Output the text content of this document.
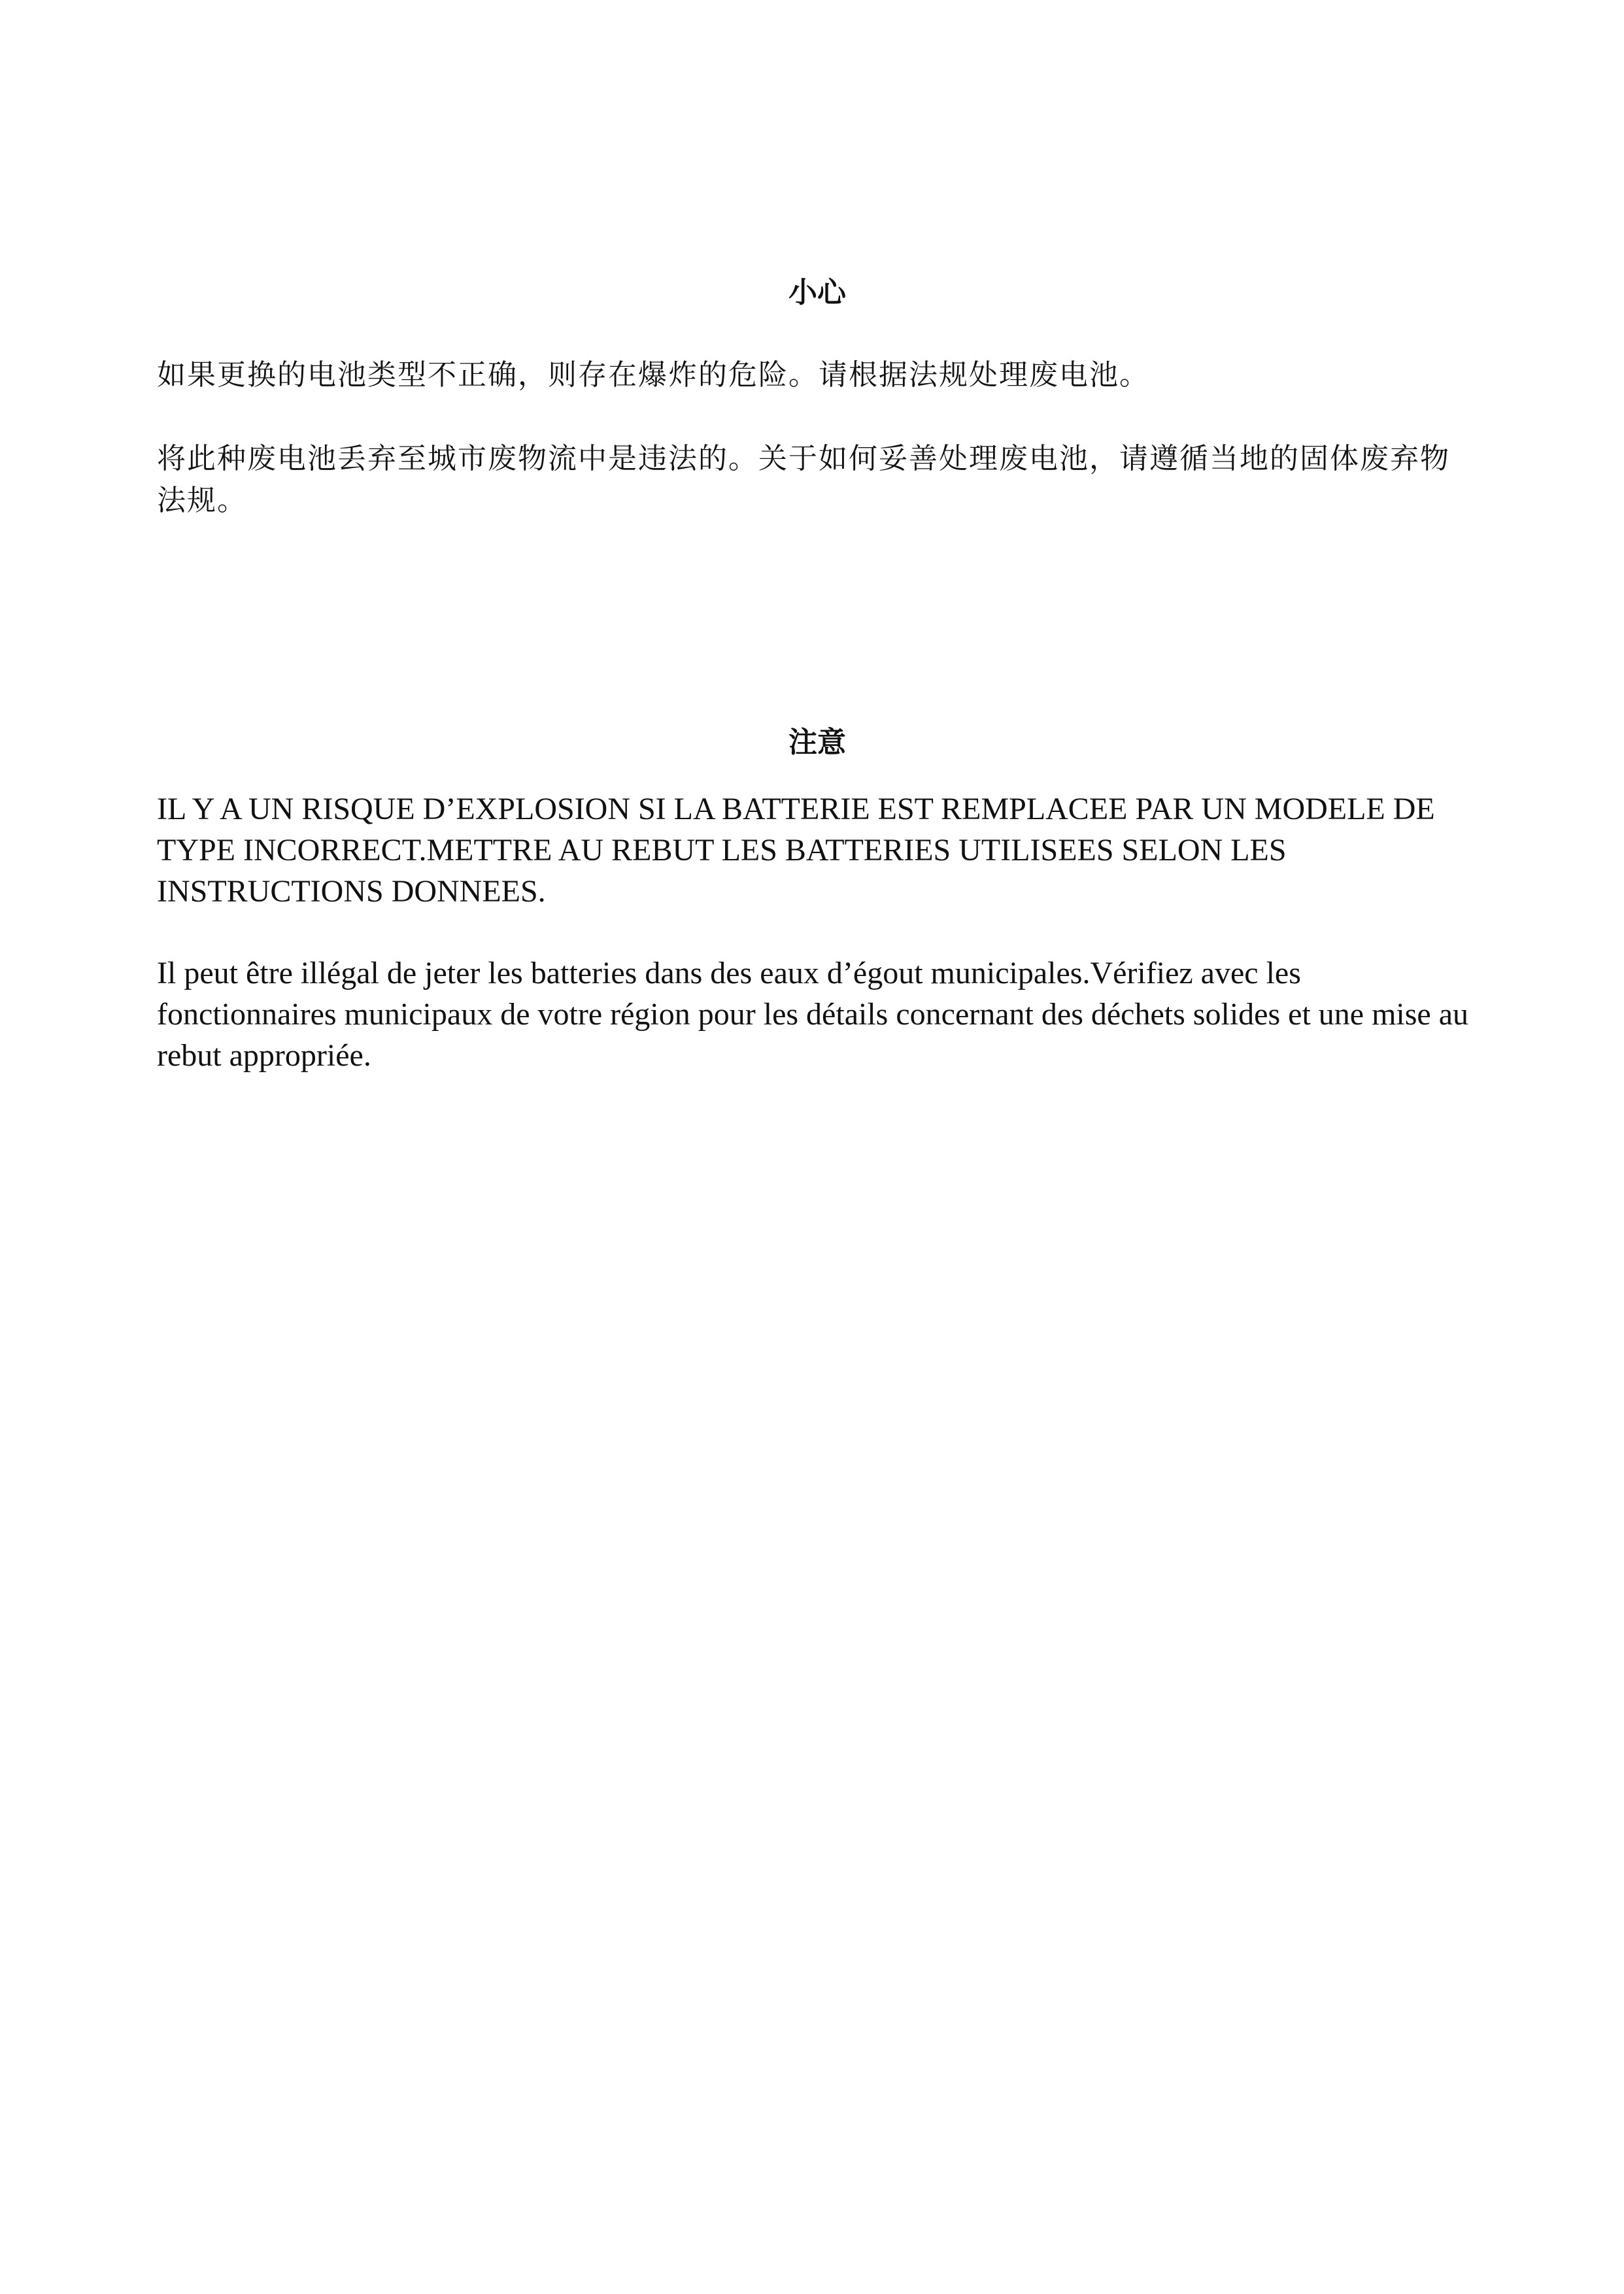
小心

如果更换的电池类型不正确，则存在爆炸的危险。请根据法规处理废电池。

将此种废电池丢弃至城市废物流中是违法的。关于如何妥善处理废电池，请遵循当地的固体废弃物法规。

注意

IL Y A UN RISQUE D’EXPLOSION SI LA BATTERIE EST REMPLACEE PAR UN MODELE DE TYPE INCORRECT.METTRE AU REBUT LES BATTERIES UTILISEES SELON LES INSTRUCTIONS DONNEES.

Il peut être illégal de jeter les batteries dans des eaux d’égout municipales.Vérifiez avec les fonctionnaires municipaux de votre région pour les détails concernant des déchets solides et une mise au rebut appropriée.
